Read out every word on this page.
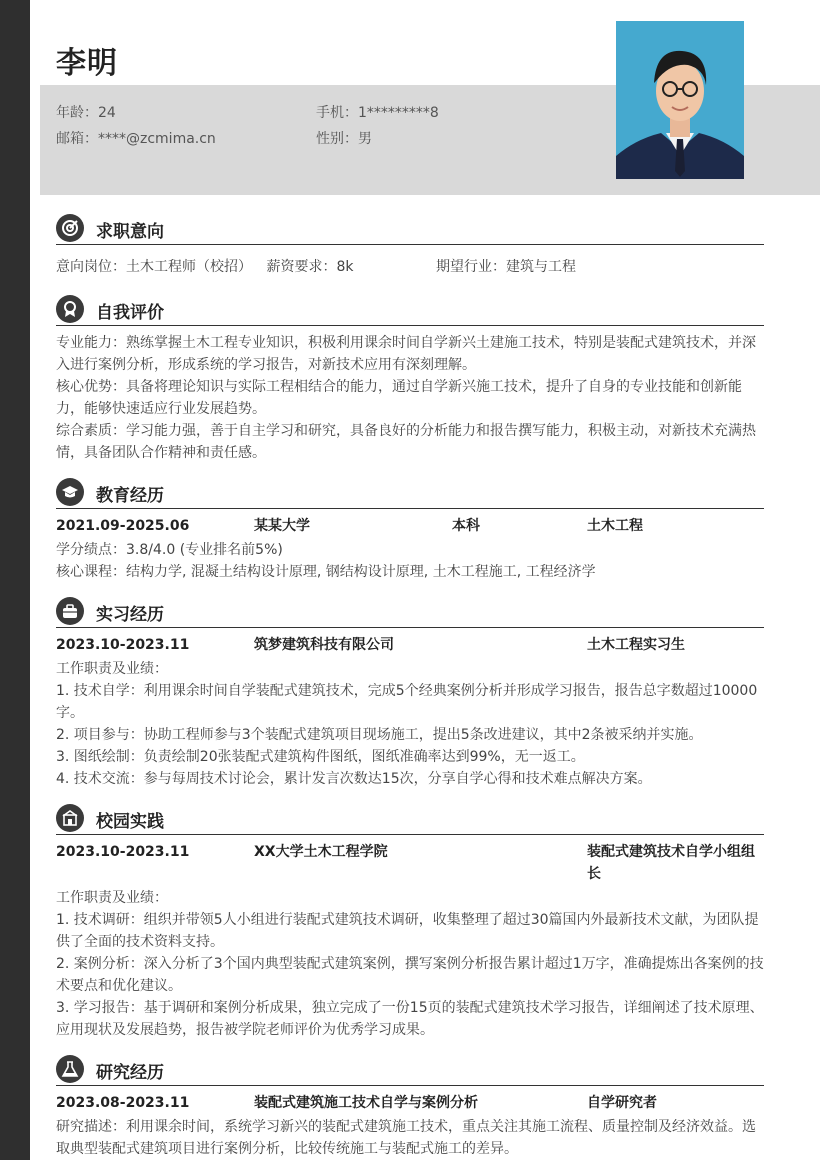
李明
年龄：24	手机：1*********8
邮箱：****@zcmima.cn	性别：男
求职意向
意向岗位：土木工程师（校招） 薪资要求：8k	期望行业：建筑与工程
自我评价
专业能力：熟练掌握土木工程专业知识，积极利用课余时间自学新兴土建施工技术，特别是装配式建筑技术，并深入进行案例分析，形成系统的学习报告，对新技术应用有深刻理解。
核心优势：具备将理论知识与实际工程相结合的能力，通过自学新兴施工技术，提升了自身的专业技能和创新能力，能够快速适应行业发展趋势。
综合素质：学习能力强，善于自主学习和研究，具备良好的分析能力和报告撰写能力，积极主动，对新技术充满热情，具备团队合作精神和责任感。
教育经历
2021.09-2025.06	某某大学	本科	土木工程
学分绩点：3.8/4.0 (专业排名前5%)
核心课程：结构力学, 混凝土结构设计原理, 钢结构设计原理, 土木工程施工, 工程经济学
实习经历
2023.10-2023.11	筑梦建筑科技有限公司	土木工程实习生
工作职责及业绩：
1. 技术自学：利用课余时间自学装配式建筑技术，完成5个经典案例分析并形成学习报告，报告总字数超过10000字。
2. 项目参与：协助工程师参与3个装配式建筑项目现场施工，提出5条改进建议，其中2条被采纳并实施。
3. 图纸绘制：负责绘制20张装配式建筑构件图纸，图纸准确率达到99%，无一返工。
4. 技术交流：参与每周技术讨论会，累计发言次数达15次，分享自学心得和技术难点解决方案。
校园实践
2023.10-2023.11	XX大学土木工程学院	装配式建筑技术自学小组组长
工作职责及业绩：
1. 技术调研：组织并带领5人小组进行装配式建筑技术调研，收集整理了超过30篇国内外最新技术文献，为团队提供了全面的技术资料支持。
2. 案例分析：深入分析了3个国内典型装配式建筑案例，撰写案例分析报告累计超过1万字，准确提炼出各案例的技术要点和优化建议。
3. 学习报告：基于调研和案例分析成果，独立完成了一份15页的装配式建筑技术学习报告，详细阐述了技术原理、应用现状及发展趋势，报告被学院老师评价为优秀学习成果。
研究经历
2023.08-2023.11	装配式建筑施工技术自学与案例分析	自学研究者
研究描述：利用课余时间，系统学习新兴的装配式建筑施工技术，重点关注其施工流程、质量控制及经济效益。选取典型装配式建筑项目进行案例分析，比较传统施工与装配式施工的差异。
